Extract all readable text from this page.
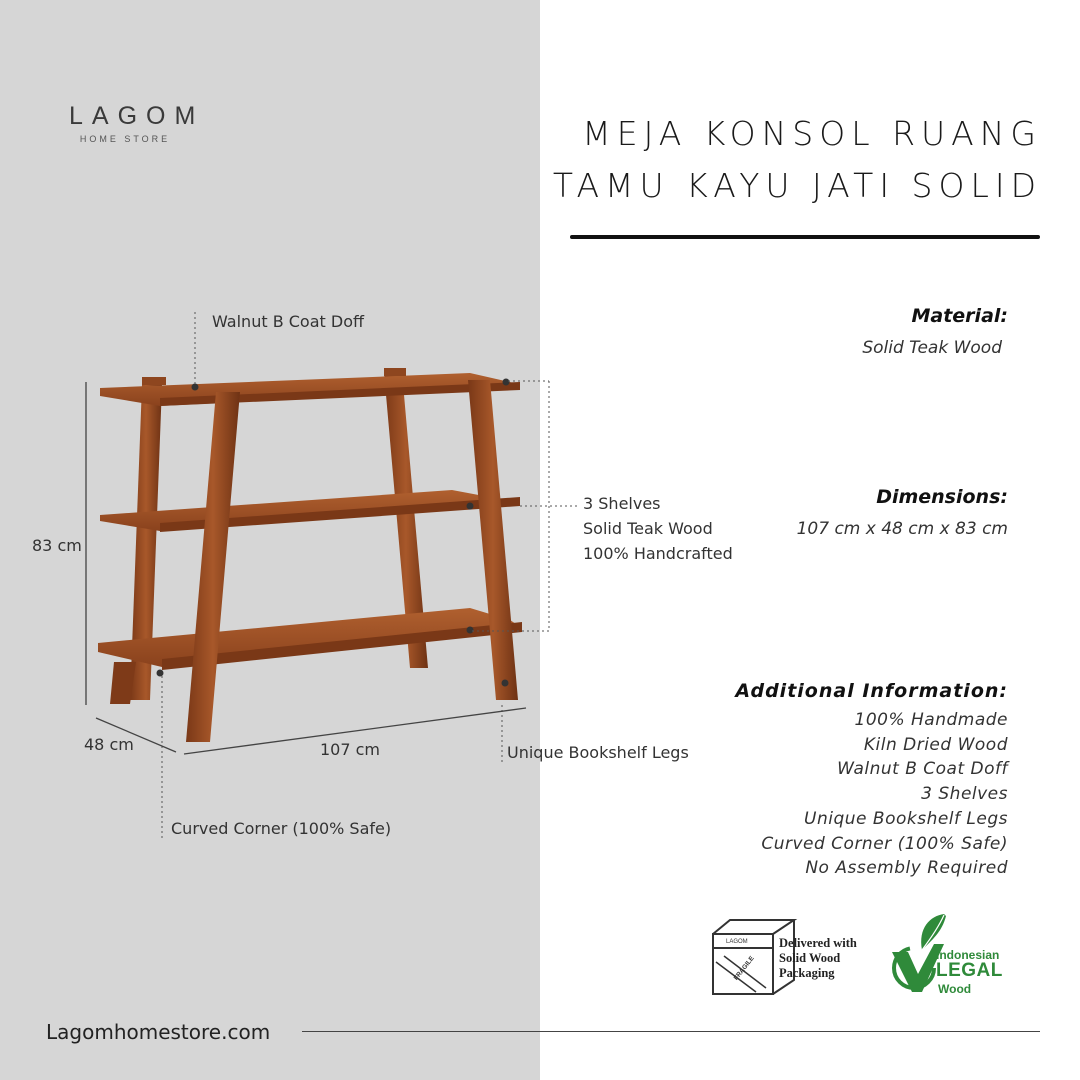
LAGOM
HOME STORE	MEJA KONSOL RUANG
TAMU KAYU JATI SOLID
Material:
Solid Teak Wood
Dimensions:
107 cm x 48 cm x 83 cm
Additional Information:
100% Handmade
Kiln Dried Wood
Walnut B Coat Doff
3 Shelves
Unique Bookshelf Legs
Curved Corner (100% Safe)
No Assembly Required
Walnut B Coat Doff
3 Shelves
Solid Teak Wood
100% Handcrafted
Unique Bookshelf Legs
Curved Corner (100% Safe)
83 cm
48 cm	107 cm
LAGOM
FRAGILE
Delivered with
Solid Wood
Packaging
Indonesian
LEGAL
Wood
Lagomhomestore.com
